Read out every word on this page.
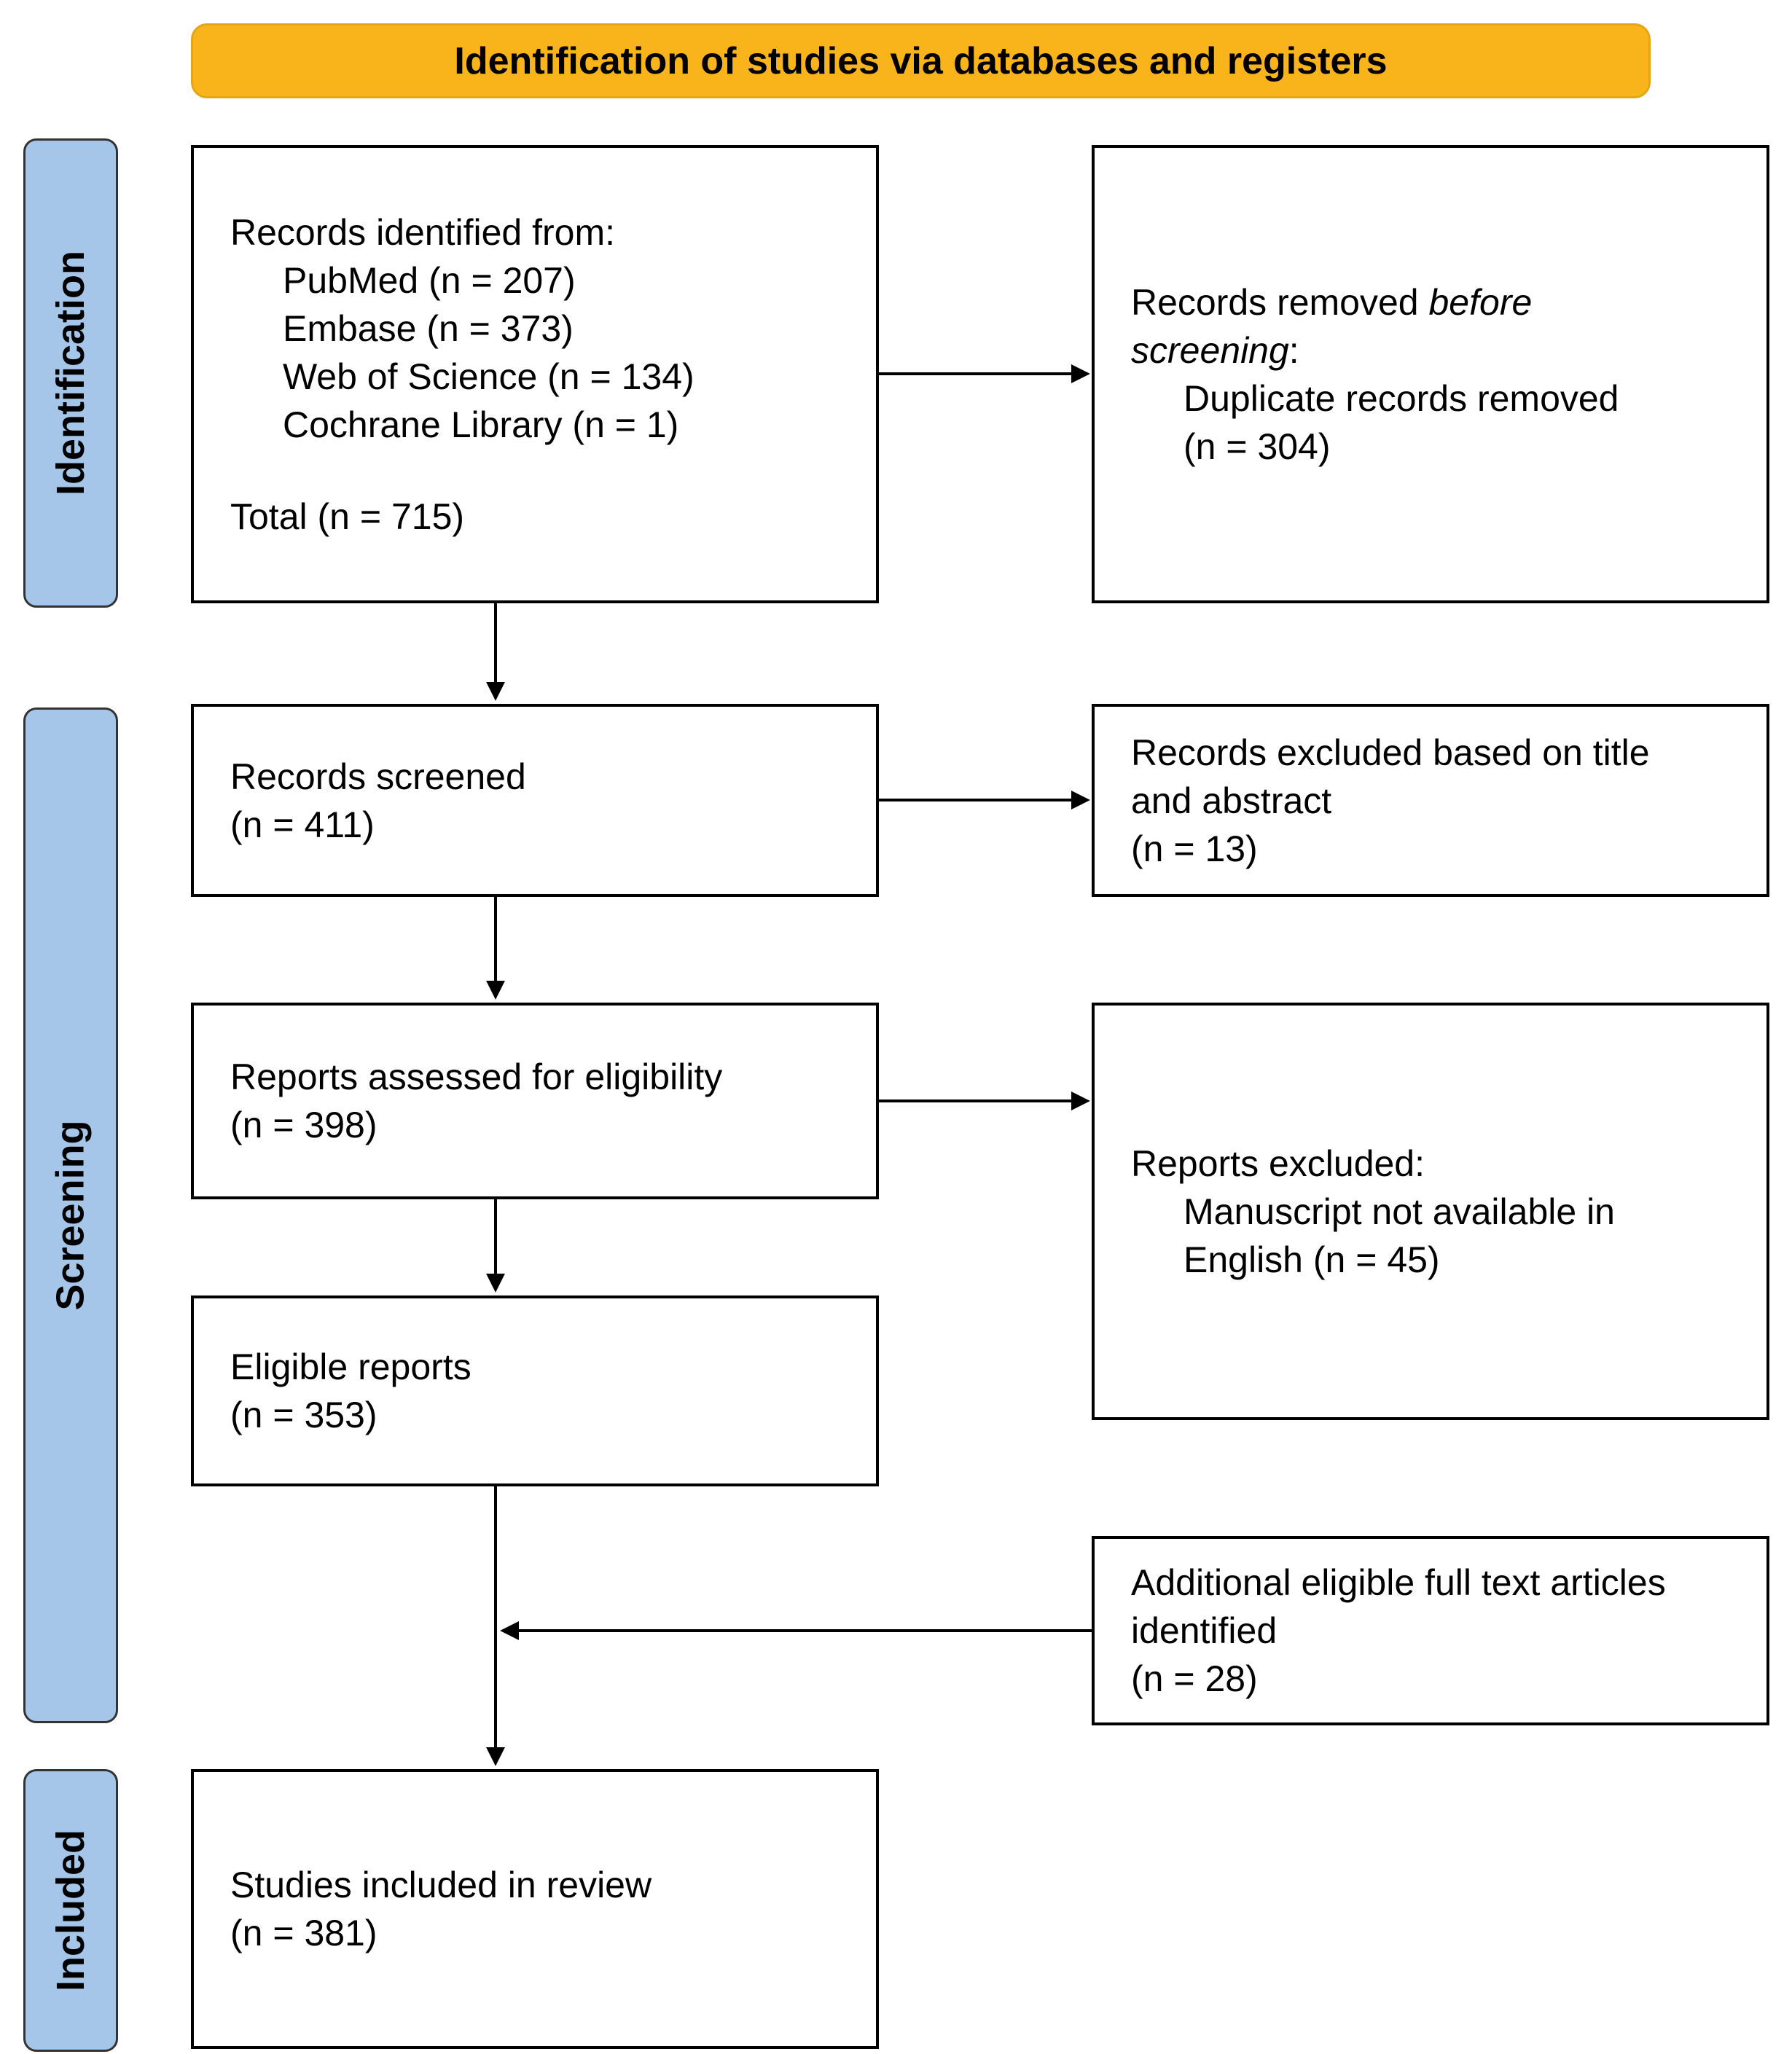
Identification of studies via databases and registers
Identification
Screening
Included
Records identified from:
PubMed (n = 207)
Embase (n = 373)
Web of Science (n = 134)
Cochrane Library (n = 1)
Total (n = 715)
Records removed before
screening:
Duplicate records removed
(n = 304)
Records screened
(n = 411)
Records excluded based on title
and abstract
(n = 13)
Reports assessed for eligibility
(n = 398)
Reports excluded:
Manuscript not available in
English (n = 45)
Eligible reports
(n = 353)
Additional eligible full text articles
identified
(n = 28)
Studies included in review
(n = 381)
